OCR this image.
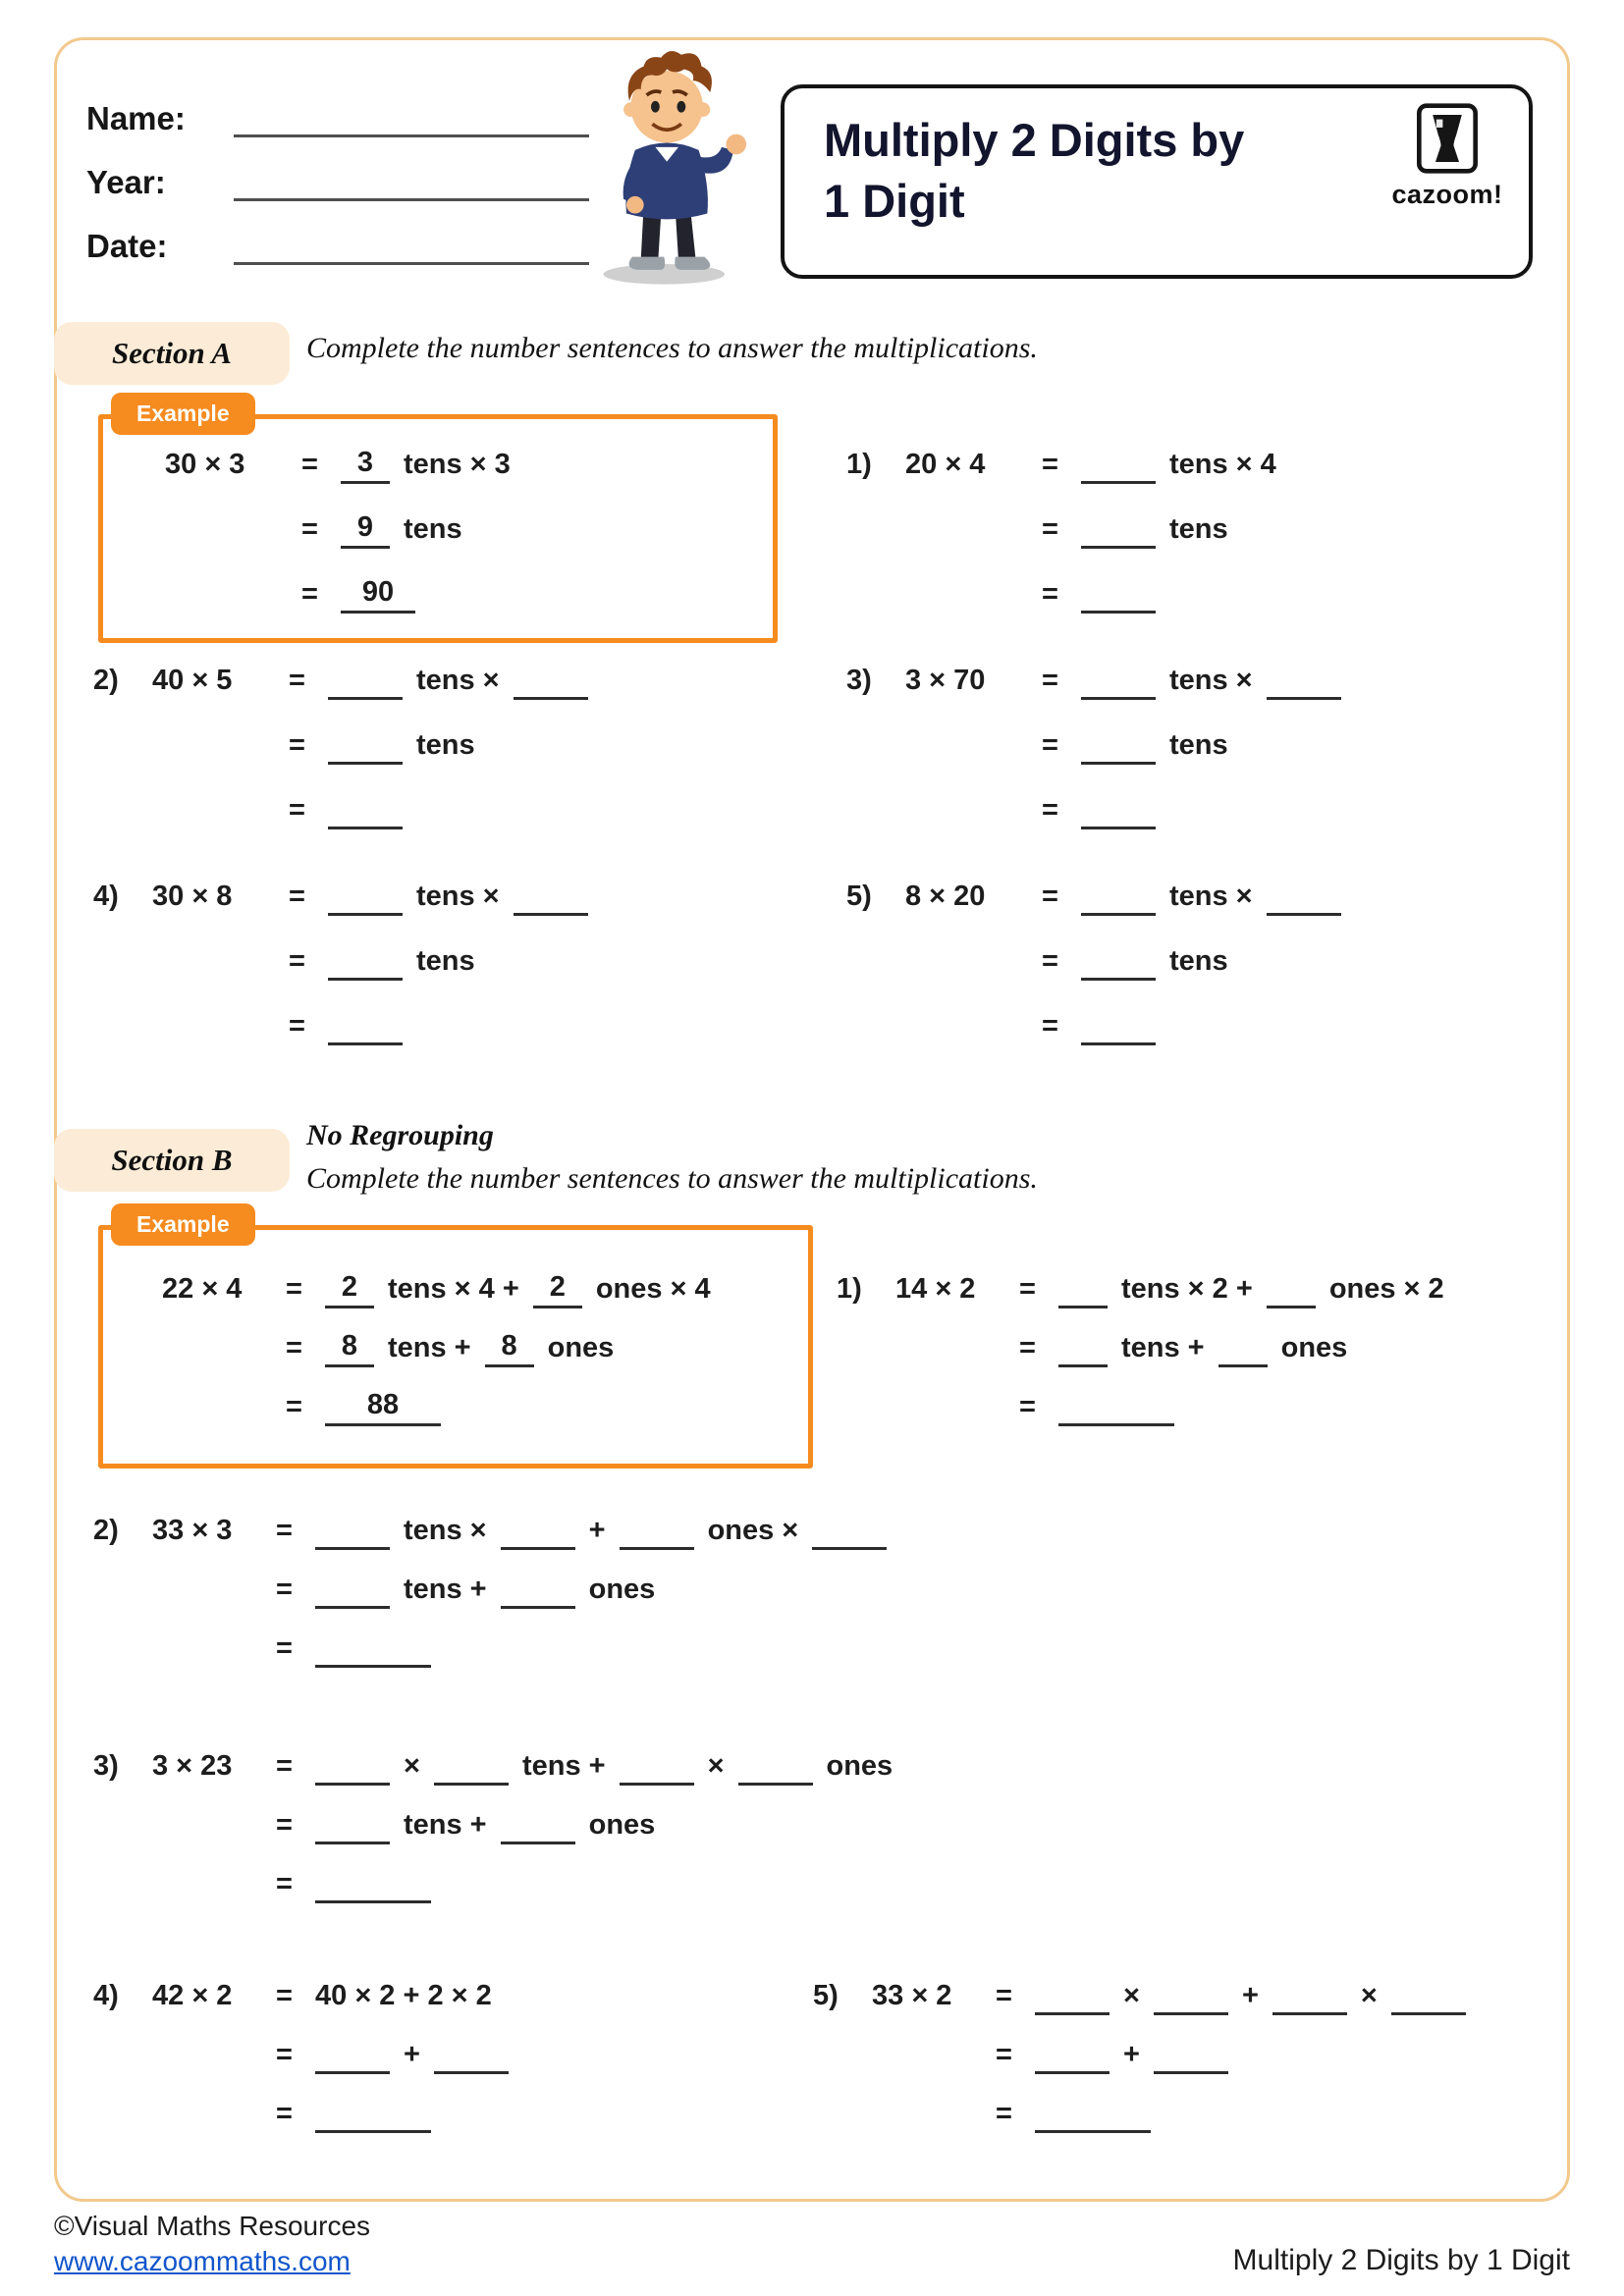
Name:
Year:
Date:
Multiply 2 Digits by
1 Digit	cazoom!
Section A	Complete the number sentences to answer the multiplications.
Example
30 × 3	=	3	tens × 3
=	9	tens
=	90
1)	20 × 4	=	tens × 4
=	tens
=
2)	40 × 5	=	tens ×
=	tens
=
3)	3 × 70	=	tens ×
=	tens
=
4)	30 × 8	=	tens ×
=	tens
=
5)	8 × 20	=	tens ×
=	tens
=
Section B
No Regrouping
Complete the number sentences to answer the multiplications.
Example
22 × 4	=	2	tens × 4 +	2	ones × 4
=	8	tens +	8	ones
=	88
1)	14 × 2	=	tens × 2 +	ones × 2
=	tens +	ones
=
2)	33 × 3	=	tens ×	+	ones ×
=	tens +	ones
=
3)	3 × 23	=	×	tens +	×	ones
=	tens +	ones
=
4)	42 × 2	= 40 × 2 + 2 × 2
=	+
=
5)	33 × 2	=	×	+	×
=	+
=
©Visual Maths Resources
www.cazoommaths.com	Multiply 2 Digits by 1 Digit
